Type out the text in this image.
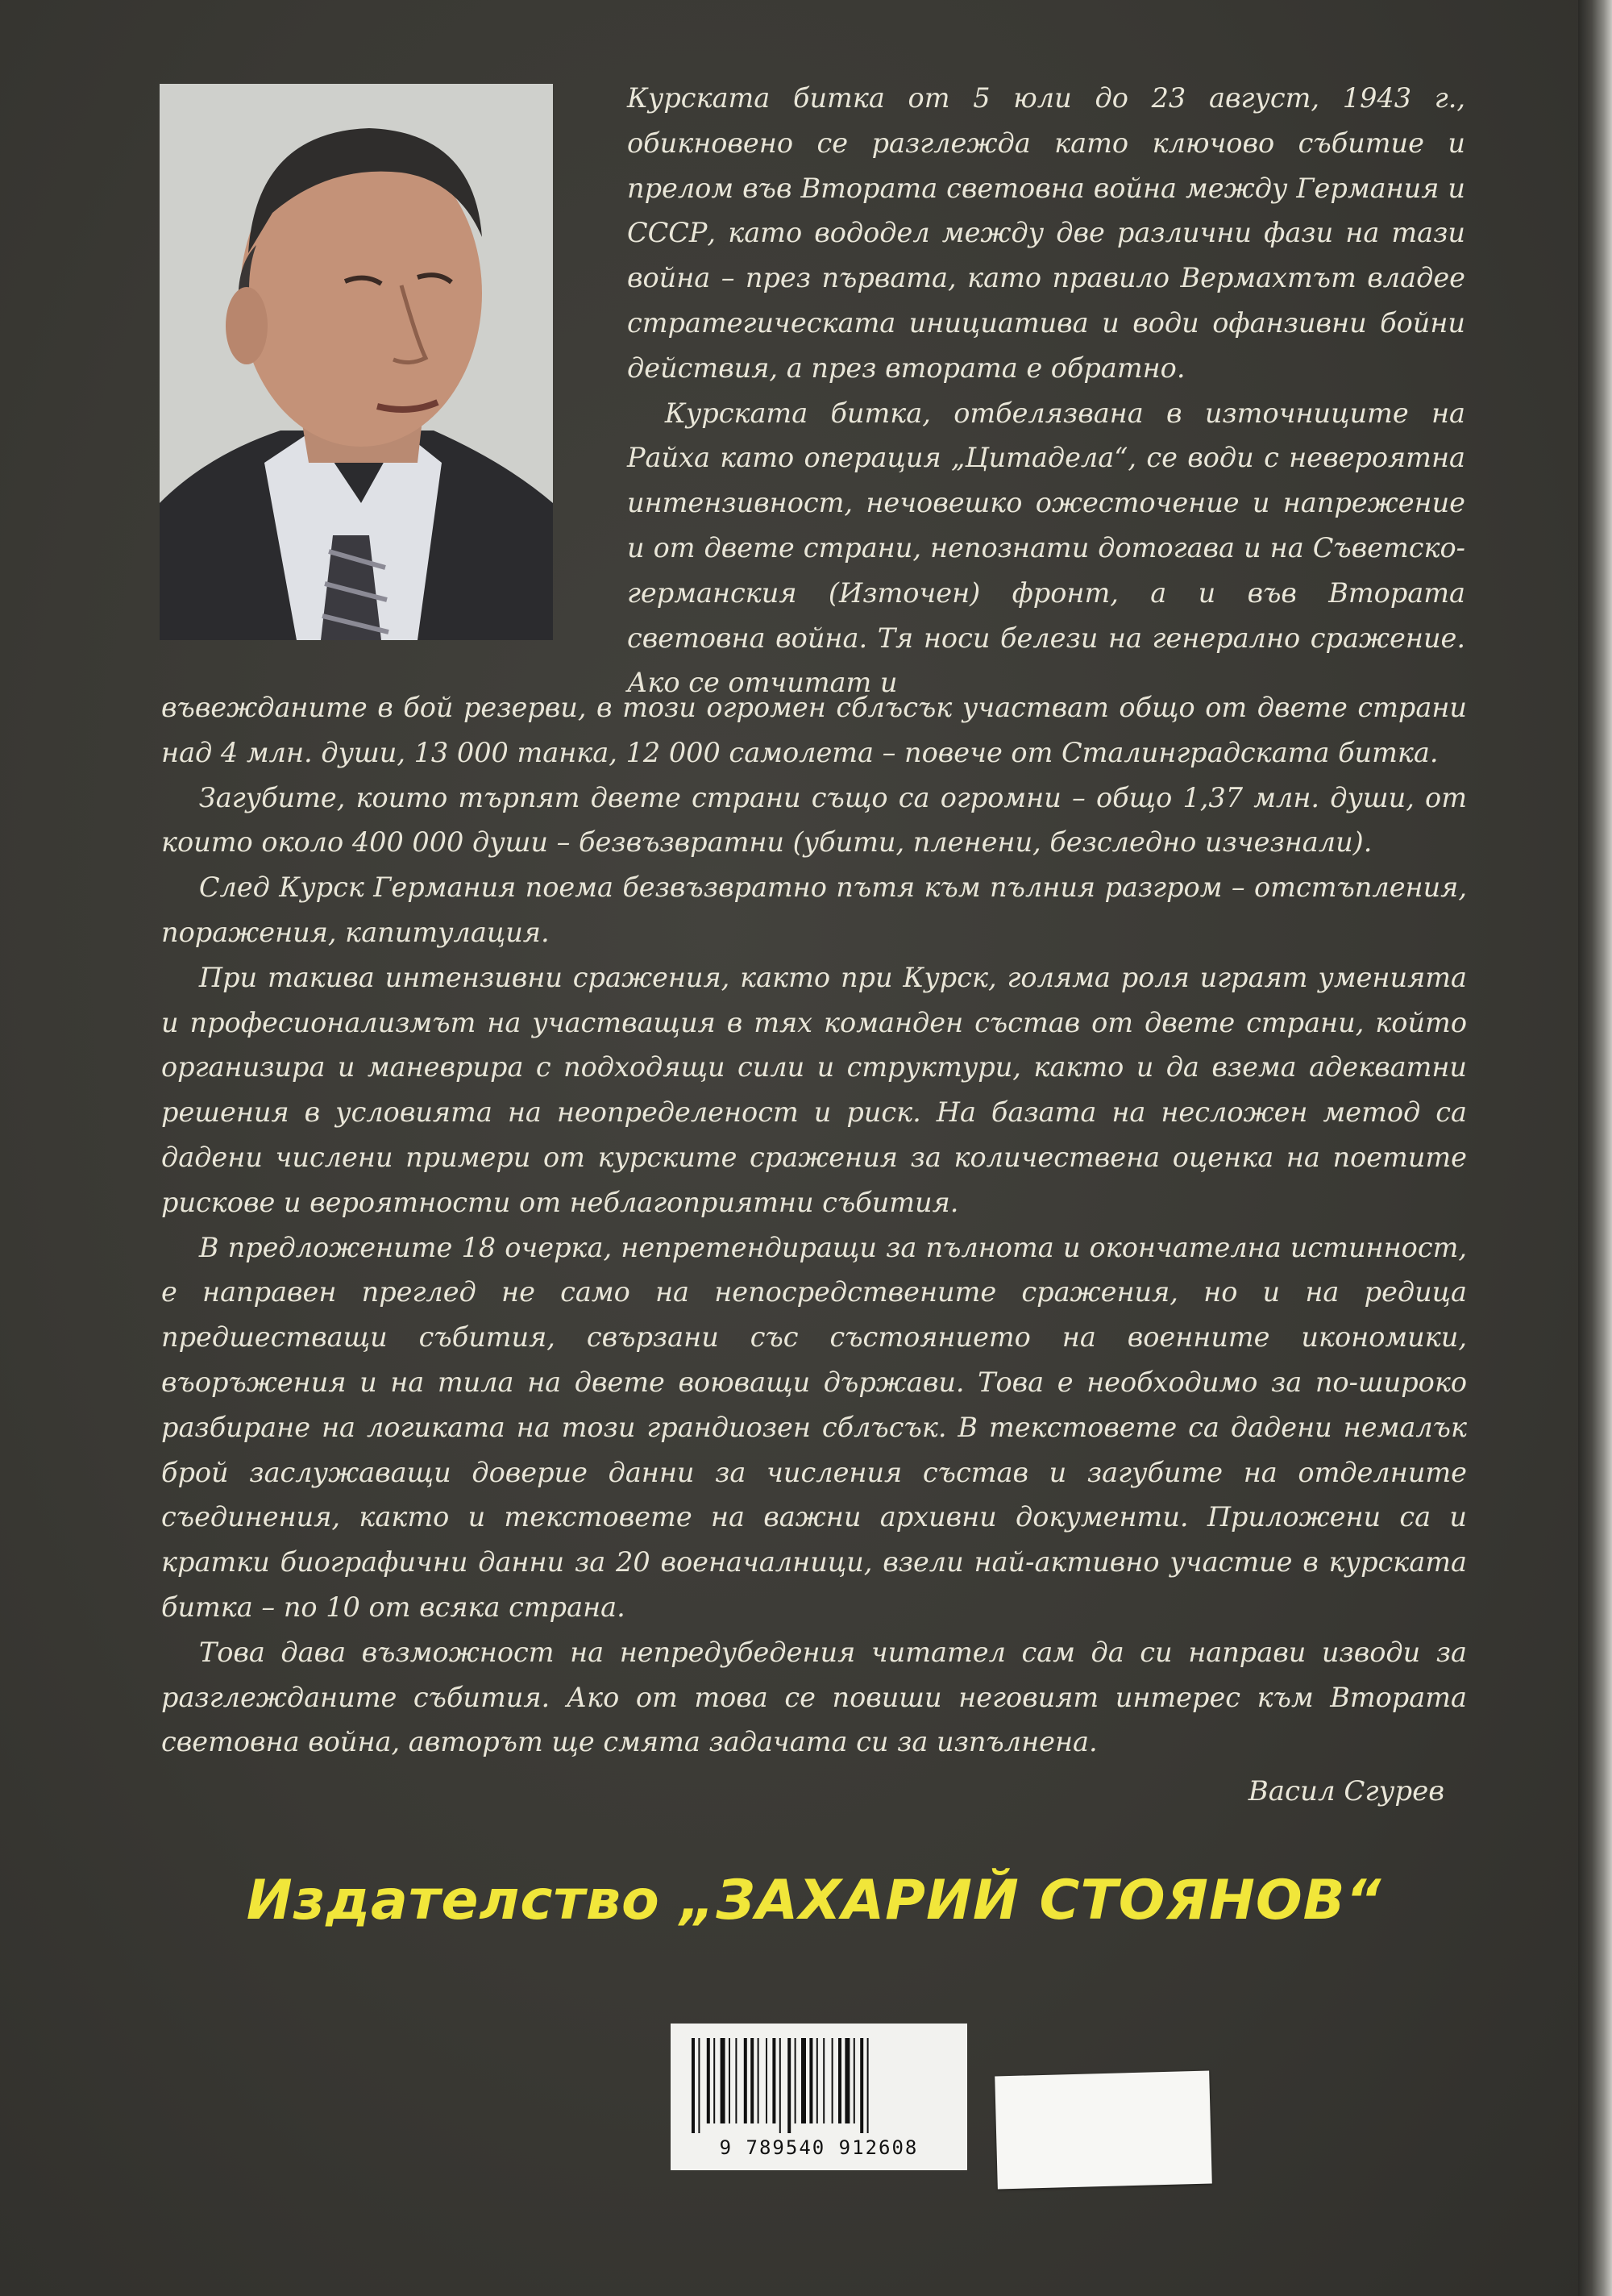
Курската битка от 5 юли до 23 август, 1943 г., обикновено се разглежда като ключово събитие и прелом във Втората световна война между Германия и СССР, като вододел между две различни фази на тази война – през първата, като правило Вермахтът владее стратегическата инициатива и води офанзивни бойни действия, а през втората е обратно.

Курската битка, отбелязвана в източниците на Райха като операция „Цитадела“, се води с невероятна интензивност, нечовешко ожесточение и напрежение и от двете страни, непознати дотогава и на Съветско-германския (Източен) фронт, а и във Втората световна война. Тя носи белези на генерално сражение. Ако се отчитат и

въвежданите в бой резерви, в този огромен сблъсък участват общо от двете страни над 4 млн. души, 13 000 танка, 12 000 самолета – повече от Сталинградската битка.

Загубите, които търпят двете страни също са огромни – общо 1,37 млн. души, от които около 400 000 души – безвъзвратни (убити, пленени, безследно изчезнали).

След Курск Германия поема безвъзвратно пътя към пълния разгром – отстъпления, поражения, капитулация.

При такива интензивни сражения, както при Курск, голяма роля играят уменията и професионализмът на участващия в тях команден състав от двете страни, който организира и маневрира с подходящи сили и структури, както и да взема адекватни решения в условията на неопределеност и риск. На базата на несложен метод са дадени числени примери от курските сражения за количествена оценка на поетите рискове и вероятности от неблагоприятни събития.

В предложените 18 очерка, непретендиращи за пълнота и окончателна истинност, е направен преглед не само на непосредствените сражения, но и на редица предшестващи събития, свързани със състоянието на военните икономики, въоръжения и на тила на двете воюващи държави. Това е необходимо за по-широко разбиране на логиката на този грандиозен сблъсък. В текстовете са дадени немалък брой заслужаващи доверие данни за числения състав и загубите на отделните съединения, както и текстовете на важни архивни документи. Приложени са и кратки биографични данни за 20 военачалници, взели най-активно участие в курската битка – по 10 от всяка страна.

Това дава възможност на непредубедения читател сам да си направи изводи за разглежданите събития. Ако от това се повиши неговият интерес към Втората световна война, авторът ще смята задачата си за изпълнена.

Васил Сгурев
Издателство „ЗАХАРИЙ СТОЯНОВ“
9 789540 912608
